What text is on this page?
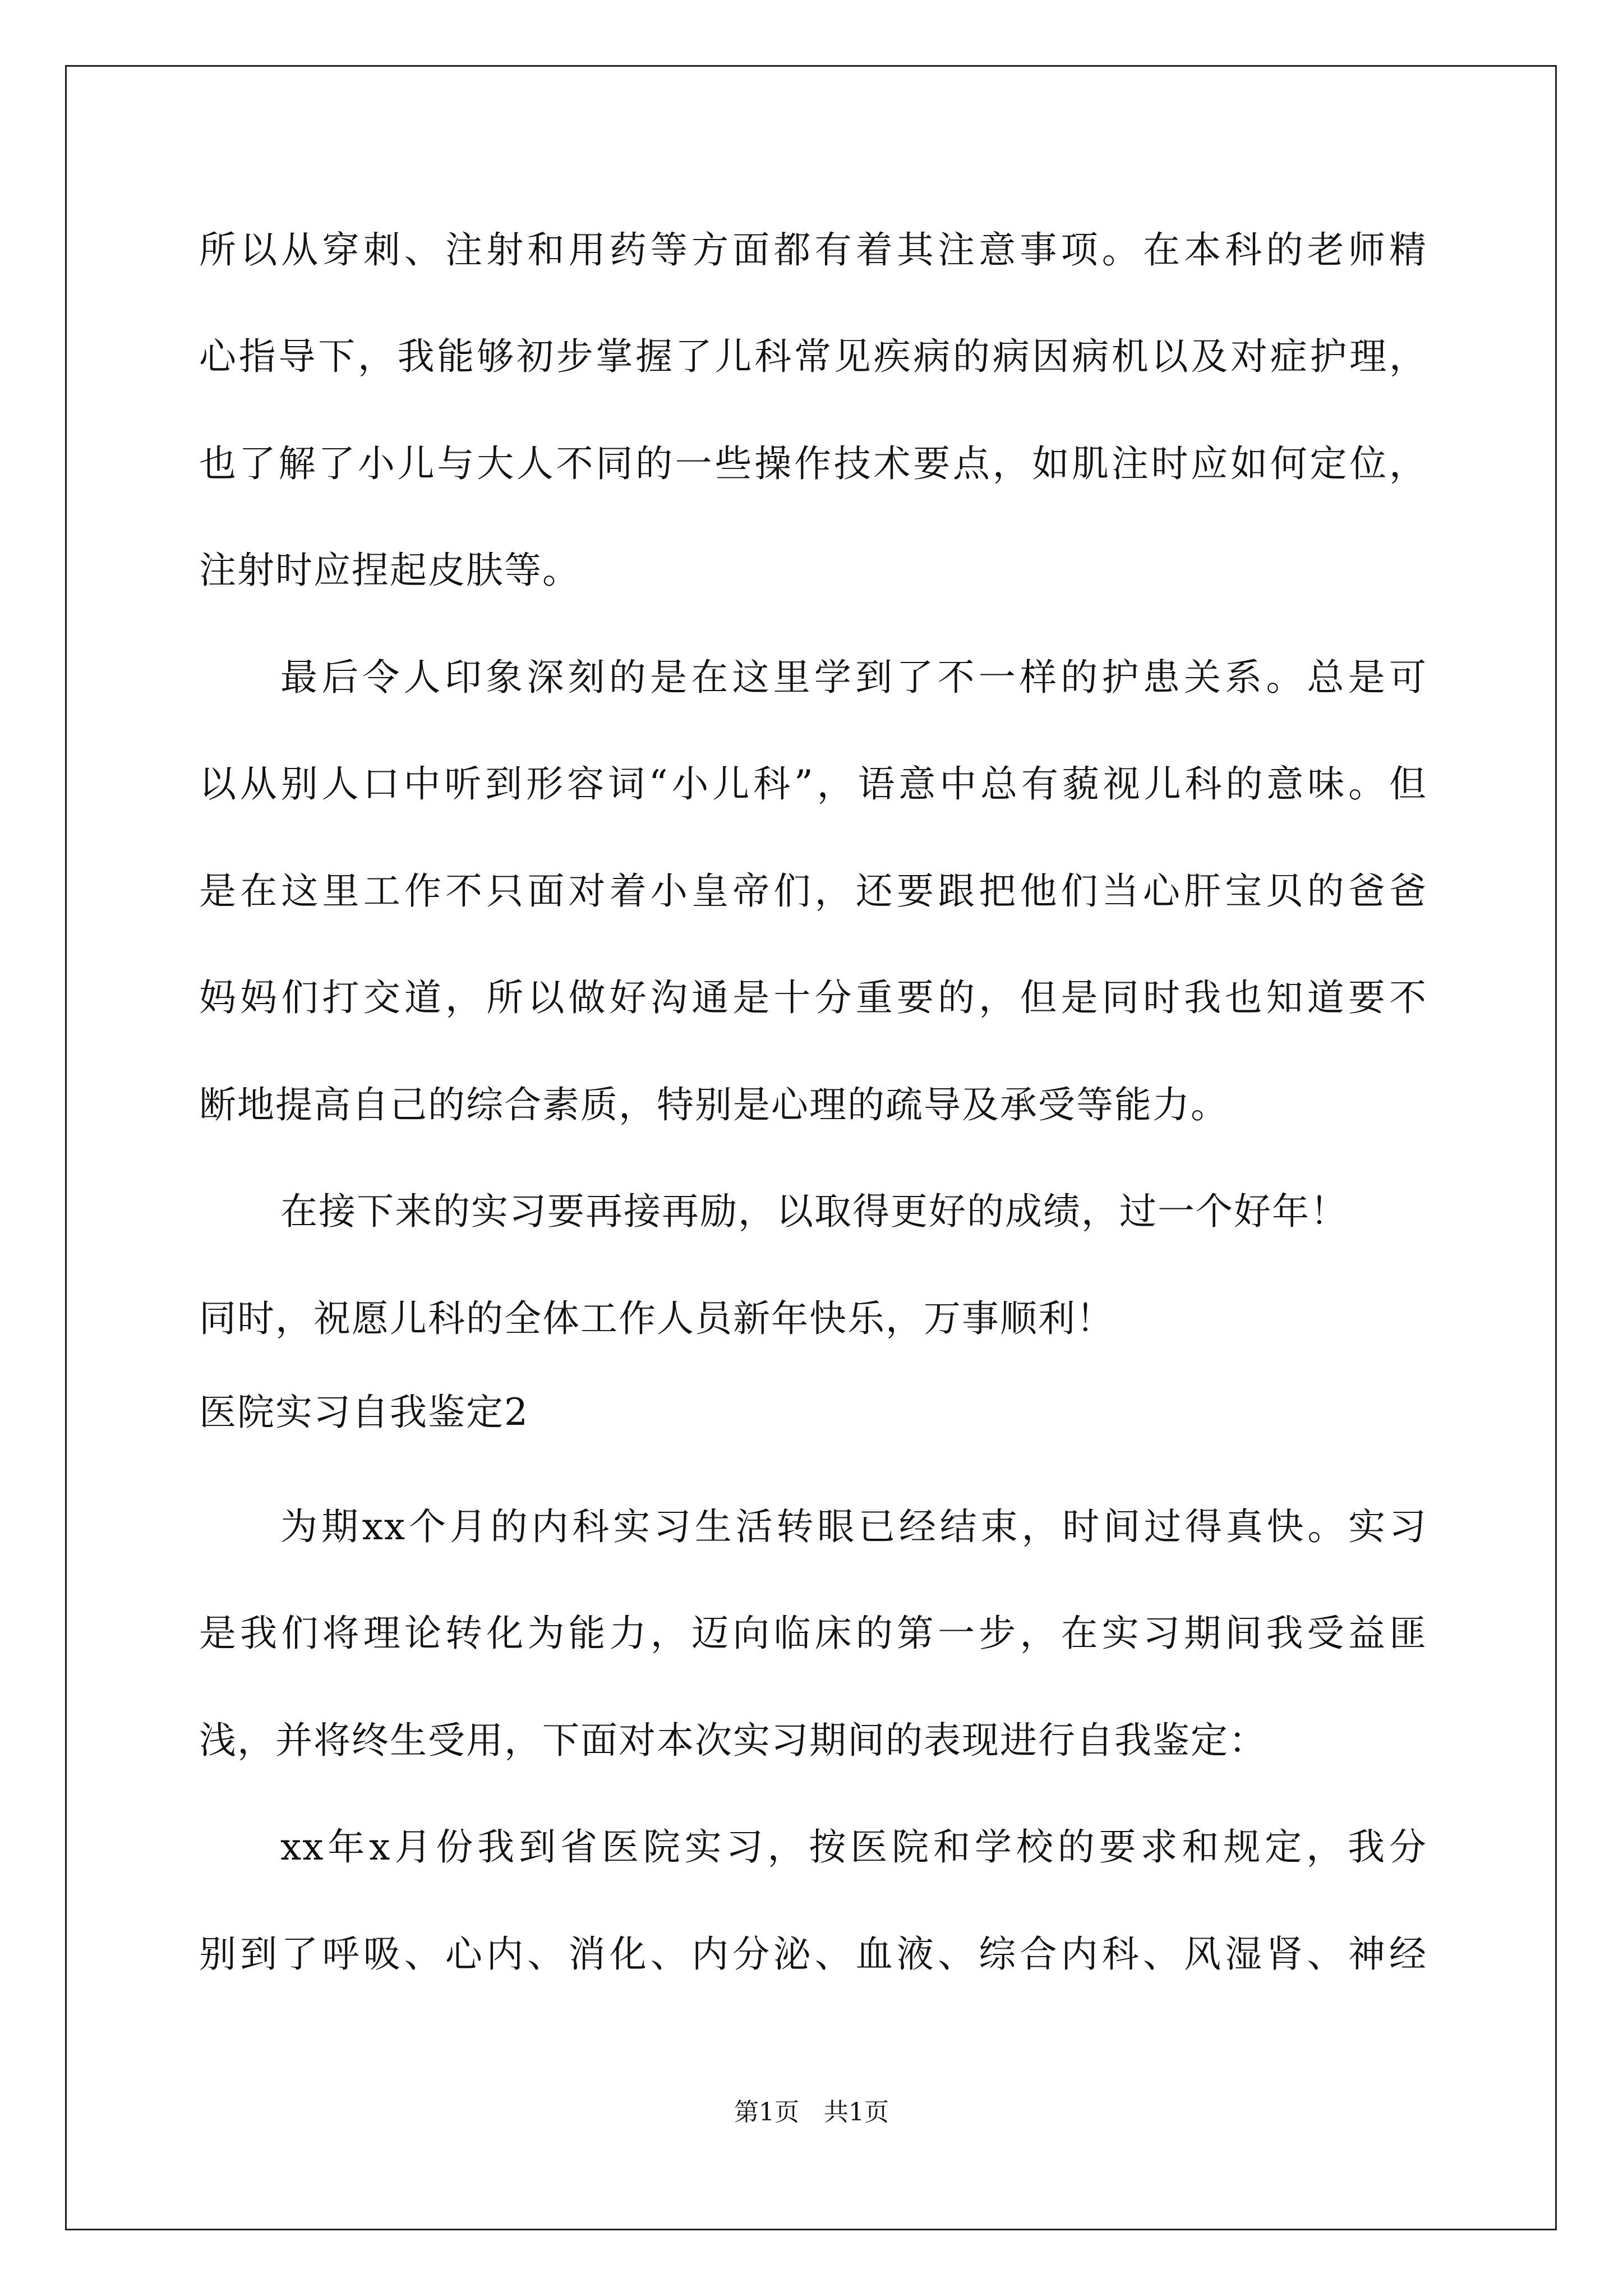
所以从穿刺、注射和用药等方面都有着其注意事项。在本科的老师精
心指导下，我能够初步掌握了儿科常见疾病的病因病机以及对症护理，
也了解了小儿与大人不同的一些操作技术要点，如肌注时应如何定位，
注射时应捏起皮肤等。
最后令人印象深刻的是在这里学到了不一样的护患关系。总是可
以从别人口中听到形容词“小儿科”，语意中总有藐视儿科的意味。但
是在这里工作不只面对着小皇帝们，还要跟把他们当心肝宝贝的爸爸
妈妈们打交道，所以做好沟通是十分重要的，但是同时我也知道要不
断地提高自己的综合素质，特别是心理的疏导及承受等能力。
在接下来的实习要再接再励，以取得更好的成绩，过一个好年！
同时，祝愿儿科的全体工作人员新年快乐，万事顺利！
医院实习自我鉴定2
为期xx个月的内科实习生活转眼已经结束，时间过得真快。实习
是我们将理论转化为能力，迈向临床的第一步，在实习期间我受益匪
浅，并将终生受用，下面对本次实习期间的表现进行自我鉴定：
xx年x月份我到省医院实习，按医院和学校的要求和规定，我分
别到了呼吸、心内、消化、内分泌、血液、综合内科、风湿肾、神经
第1页 共1页
